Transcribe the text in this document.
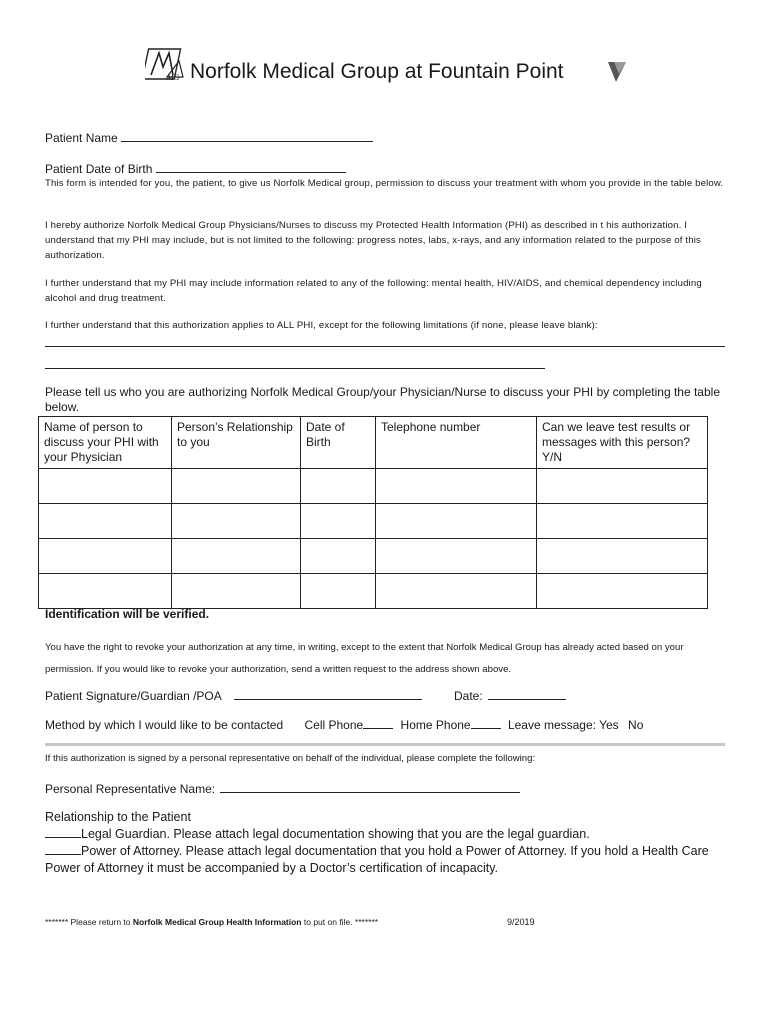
MG Norfolk Medical Group at Fountain Point
Patient Name
Patient Date of Birth
This form is intended for you, the patient, to give us Norfolk Medical group, permission to discuss your treatment with whom you provide in the table below.
I hereby authorize Norfolk Medical Group Physicians/Nurses to discuss my Protected Health Information (PHI) as described in t his authorization. I understand that my PHI may include, but is not limited to the following: progress notes, labs, x-rays, and any information related to the purpose of this authorization.
I further understand that my PHI may include information related to any of the following: mental health, HIV/AIDS, and chemical dependency including alcohol and drug treatment.
I further understand that this authorization applies to ALL PHI, except for the following limitations (if none, please leave blank):
Please tell us who you are authorizing Norfolk Medical Group/your Physician/Nurse to discuss your PHI by completing the table below.
Name of person to discuss your PHI with your Physician	Person’s Relationship to you	Date of Birth	Telephone number	Can we leave test results or messages with this person? Y/N

Identification will be verified.
You have the right to revoke your authorization at any time, in writing, except to the extent that Norfolk Medical Group has already acted based on your permission. If you would like to revoke your authorization, send a written request to the address shown above.
Patient Signature/Guardian /POA	Date:
Method by which I would like to be contacted Cell Phone	Home Phone	Leave message: Yes No
If this authorization is signed by a personal representative on behalf of the individual, please complete the following:
Personal Representative Name:
Relationship to the Patient
Legal Guardian. Please attach legal documentation showing that you are the legal guardian.
Power of Attorney. Please attach legal documentation that you hold a Power of Attorney. If you hold a Health Care Power of Attorney it must be accompanied by a Doctor’s certification of incapacity.
******* Please return to Norfolk Medical Group Health Information to put on file. *******	9/2019
